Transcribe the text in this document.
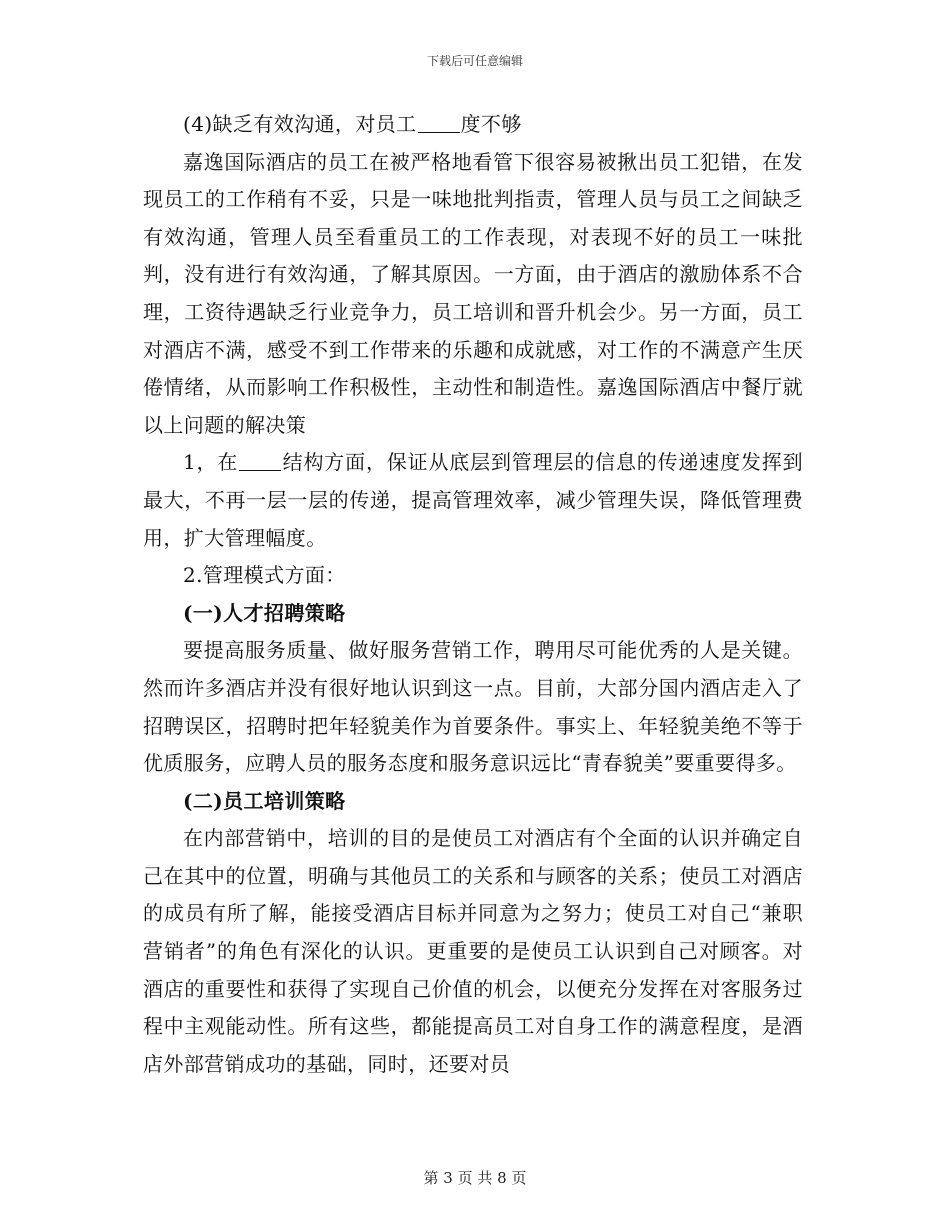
下载后可任意编辑

(4)缺乏有效沟通，对员工 度不够

嘉逸国际酒店的员工在被严格地看管下很容易被揪出员工犯错，在发现员工的工作稍有不妥，只是一味地批判指责，管理人员与员工之间缺乏有效沟通，管理人员至看重员工的工作表现，对表现不好的员工一味批判，没有进行有效沟通，了解其原因。一方面，由于酒店的激励体系不合理，工资待遇缺乏行业竞争力，员工培训和晋升机会少。另一方面，员工对酒店不满，感受不到工作带来的乐趣和成就感，对工作的不满意产生厌倦情绪，从而影响工作积极性，主动性和制造性。嘉逸国际酒店中餐厅就以上问题的解决策

1，在 结构方面，保证从底层到管理层的信息的传递速度发挥到最大，不再一层一层的传递，提高管理效率，减少管理失误，降低管理费用，扩大管理幅度。

2.管理模式方面：

(一)人才招聘策略

要提高服务质量、做好服务营销工作，聘用尽可能优秀的人是关键。然而许多酒店并没有很好地认识到这一点。目前，大部分国内酒店走入了招聘误区，招聘时把年轻貌美作为首要条件。事实上、年轻貌美绝不等于优质服务，应聘人员的服务态度和服务意识远比“青春貌美”要重要得多。

(二)员工培训策略

在内部营销中，培训的目的是使员工对酒店有个全面的认识并确定自己在其中的位置，明确与其他员工的关系和与顾客的关系；使员工对酒店的成员有所了解，能接受酒店目标并同意为之努力；使员工对自己“兼职营销者”的角色有深化的认识。更重要的是使员工认识到自己对顾客。对酒店的重要性和获得了实现自己价值的机会，以便充分发挥在对客服务过程中主观能动性。所有这些，都能提高员工对自身工作的满意程度，是酒店外部营销成功的基础，同时，还要对员

第 3 页 共 8 页
